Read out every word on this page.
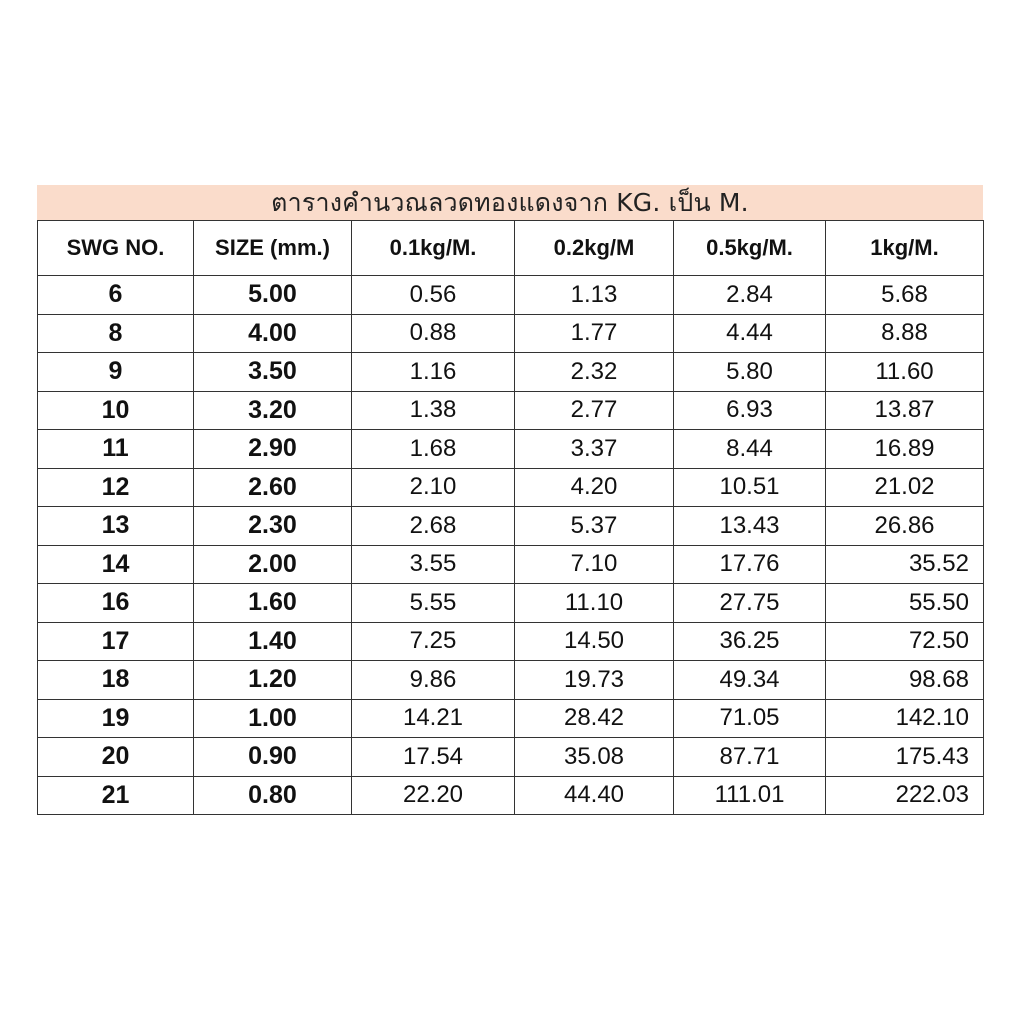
ตารางคำนวณลวดทองแดงจาก KG. เป็น M.
SWG NO.	SIZE (mm.)	0.1kg/M.	0.2kg/M	0.5kg/M.	1kg/M.
6	5.00	0.56	1.13	2.84	5.68
8	4.00	0.88	1.77	4.44	8.88
9	3.50	1.16	2.32	5.80	11.60
10	3.20	1.38	2.77	6.93	13.87
11	2.90	1.68	3.37	8.44	16.89
12	2.60	2.10	4.20	10.51	21.02
13	2.30	2.68	5.37	13.43	26.86
14	2.00	3.55	7.10	17.76	35.52
16	1.60	5.55	11.10	27.75	55.50
17	1.40	7.25	14.50	36.25	72.50
18	1.20	9.86	19.73	49.34	98.68
19	1.00	14.21	28.42	71.05	142.10
20	0.90	17.54	35.08	87.71	175.43
21	0.80	22.20	44.40	111.01	222.03
